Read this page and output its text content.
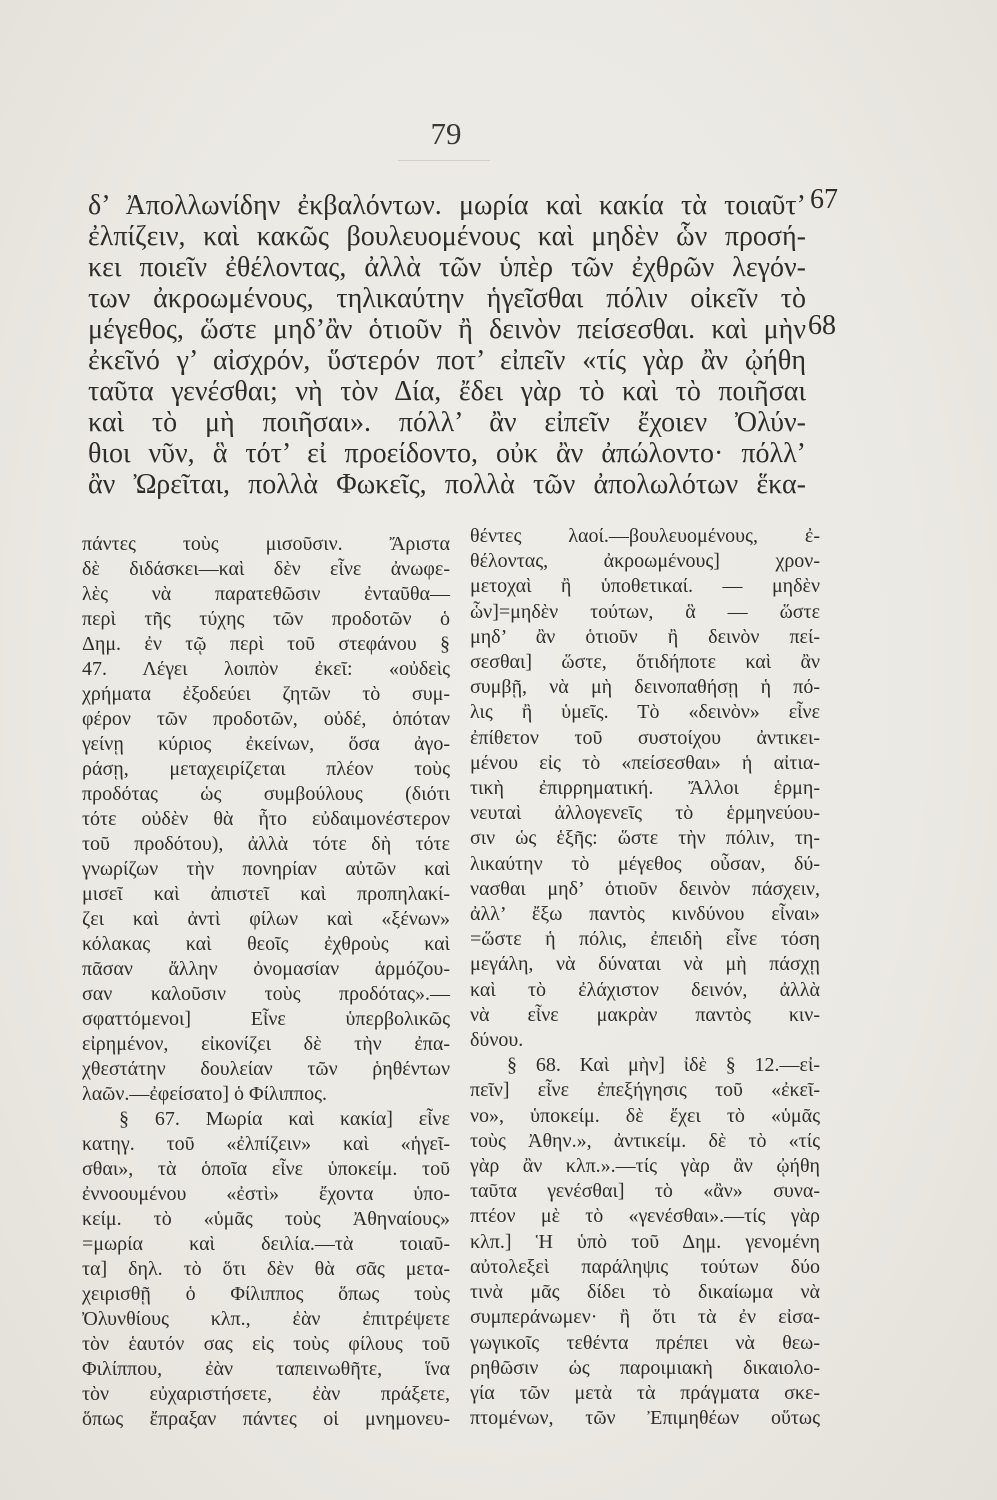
79
δ’ Ἀπολλωνίδην ἐκβαλόντων. μωρία καὶ κακία τὰ τοιαῦτ’
ἐλπίζειν, καὶ κακῶς βουλευομένους καὶ μηδὲν ὧν προσή-
κει ποιεῖν ἐθέλοντας, ἀλλὰ τῶν ὑπὲρ τῶν ἐχθρῶν λεγόν-
των ἀκροωμένους, τηλικαύτην ἡγεῖσθαι πόλιν οἰκεῖν τὸ
μέγεθος, ὥστε μηδ’ἂν ὁτιοῦν ἢ δεινὸν πείσεσθαι. καὶ μὴν
ἐκεῖνό γ’ αἰσχρόν, ὕστερόν ποτ’ εἰπεῖν «τίς γὰρ ἂν ᾠήθη
ταῦτα γενέσθαι; νὴ τὸν Δία, ἔδει γὰρ τὸ καὶ τὸ ποιῆσαι
καὶ τὸ μὴ ποιῆσαι». πόλλ’ ἂν εἰπεῖν ἔχοιεν Ὀλύν-
θιοι νῦν, ἃ τότ’ εἰ προείδοντο, οὐκ ἂν ἀπώλοντο· πόλλ’
ἂν Ὠρεῖται, πολλὰ Φωκεῖς, πολλὰ τῶν ἀπολωλότων ἕκα-
67
68
πάντες τοὺς μισοῦσιν. Ἄριστα
δὲ διδάσκει—καὶ δὲν εἶνε ἀνωφε-
λὲς νὰ παρατεθῶσιν ἐνταῦθα—
περὶ τῆς τύχης τῶν προδοτῶν ὁ
Δημ. ἐν τῷ περὶ τοῦ στεφάνου §
47. Λέγει λοιπὸν ἐκεῖ: «οὐδεὶς
χρήματα ἐξοδεύει ζητῶν τὸ συμ-
φέρον τῶν προδοτῶν, οὐδέ, ὁπόταν
γείνῃ κύριος ἐκείνων, ὅσα ἀγο-
ράσῃ, μεταχειρίζεται πλέον τοὺς
προδότας ὡς συμβούλους (διότι
τότε οὐδὲν θὰ ἦτο εὐδαιμονέστερον
τοῦ προδότου), ἀλλὰ τότε δὴ τότε
γνωρίζων τὴν πονηρίαν αὐτῶν καὶ
μισεῖ καὶ ἀπιστεῖ καὶ προπηλακί-
ζει καὶ ἀντὶ φίλων καὶ «ξένων»
κόλακας καὶ θεοῖς ἐχθροὺς καὶ
πᾶσαν ἄλλην ὀνομασίαν ἁρμόζου-
σαν καλοῦσιν τοὺς προδότας».—
σφαττόμενοι] Εἶνε ὑπερβολικῶς
εἰρημένον, εἰκονίζει δὲ τὴν ἐπα-
χθεστάτην δουλείαν τῶν ῥηθέντων
λαῶν.—ἐφείσατο] ὁ Φίλιππος.
§ 67. Μωρία καὶ κακία] εἶνε
κατηγ. τοῦ «ἐλπίζειν» καὶ «ἡγεῖ-
σθαι», τὰ ὁποῖα εἶνε ὑποκείμ. τοῦ
ἐννοουμένου «ἐστὶ» ἔχοντα ὑπο-
κείμ. τὸ «ὑμᾶς τοὺς Ἀθηναίους»
=μωρία καὶ δειλία.—τὰ τοιαῦ-
τα] δηλ. τὸ ὅτι δὲν θὰ σᾶς μετα-
χειρισθῇ ὁ Φίλιππος ὅπως τοὺς
Ὀλυνθίους κλπ., ἐὰν ἐπιτρέψετε
τὸν ἑαυτόν σας εἰς τοὺς φίλους τοῦ
Φιλίππου, ἐὰν ταπεινωθῆτε, ἵνα
τὸν εὐχαριστήσετε, ἐὰν πράξετε,
ὅπως ἔπραξαν πάντες οἱ μνημονευ-
θέντες λαοί.—βουλευομένους, ἐ-
θέλοντας, ἀκροωμένους] χρον-
μετοχαὶ ἢ ὑποθετικαί. — μηδὲν
ὧν]=μηδὲν τούτων, ἃ — ὥστε
μηδ’ ἂν ὁτιοῦν ἢ δεινὸν πεί-
σεσθαι] ὥστε, ὅτιδήποτε καὶ ἂν
συμβῇ, νὰ μὴ δεινοπαθήσῃ ἡ πό-
λις ἢ ὑμεῖς. Τὸ «δεινὸν» εἶνε
ἐπίθετον τοῦ συστοίχου ἀντικει-
μένου εἰς τὸ «πείσεσθαι» ἡ αἰτια-
τικὴ ἐπιρρηματική. Ἄλλοι ἑρμη-
νευταὶ ἀλλογενεῖς τὸ ἑρμηνεύου-
σιν ὡς ἑξῆς: ὥστε τὴν πόλιν, τη-
λικαύτην τὸ μέγεθος οὖσαν, δύ-
νασθαι μηδ’ ὁτιοῦν δεινὸν πάσχειν,
ἀλλ’ ἔξω παντὸς κινδύνου εἶναι»
=ὥστε ἡ πόλις, ἐπειδὴ εἶνε τόση
μεγάλη, νὰ δύναται νὰ μὴ πάσχῃ
καὶ τὸ ἐλάχιστον δεινόν, ἀλλὰ
νὰ εἶνε μακρὰν παντὸς κιν-
δύνου.
§ 68. Καὶ μὴν] ἰδὲ § 12.—εἰ-
πεῖν] εἶνε ἐπεξήγησις τοῦ «ἐκεῖ-
νο», ὑποκείμ. δὲ ἔχει τὸ «ὑμᾶς
τοὺς Ἀθην.», ἀντικείμ. δὲ τὸ «τίς
γὰρ ἂν κλπ.».—τίς γὰρ ἂν ᾠήθη
ταῦτα γενέσθαι] τὸ «ἂν» συνα-
πτέον μὲ τὸ «γενέσθαι».—τίς γὰρ
κλπ.] Ἡ ὑπὸ τοῦ Δημ. γενομένη
αὐτολεξεὶ παράληψις τούτων δύο
τινὰ μᾶς δίδει τὸ δικαίωμα νὰ
συμπεράνωμεν· ἢ ὅτι τὰ ἐν εἰσα-
γωγικοῖς τεθέντα πρέπει νὰ θεω-
ρηθῶσιν ὡς παροιμιακὴ δικαιολο-
γία τῶν μετὰ τὰ πράγματα σκε-
πτομένων, τῶν Ἐπιμηθέων οὕτως
